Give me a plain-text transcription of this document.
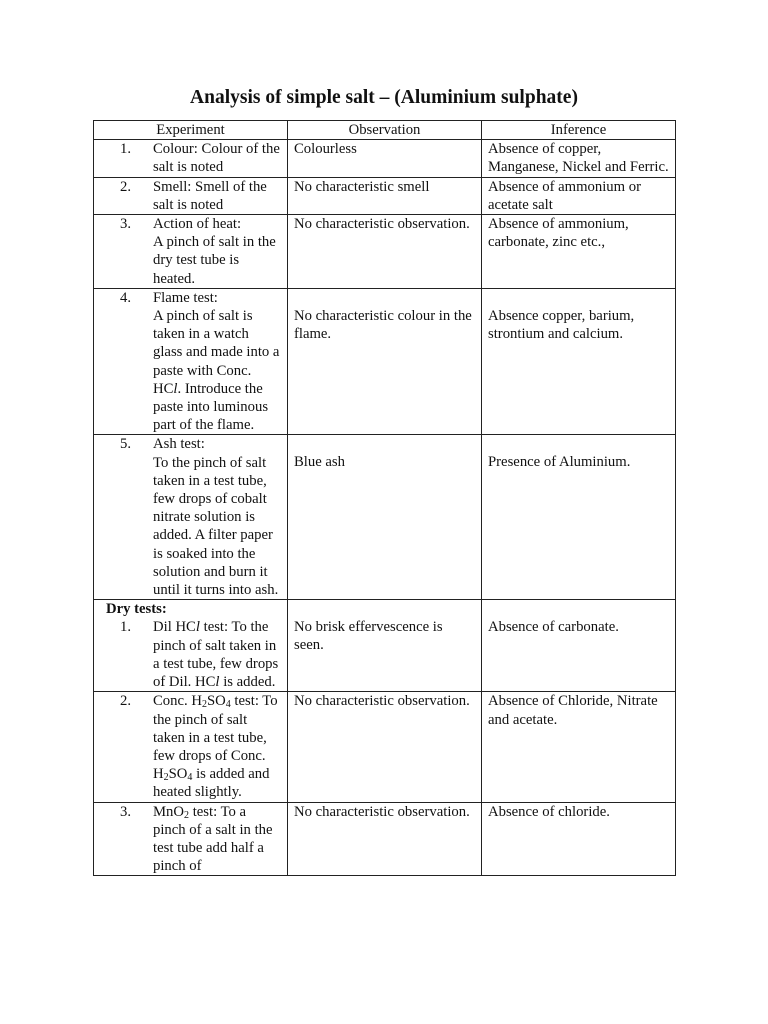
Analysis of simple salt – (Aluminium sulphate)
Experiment	Observation	Inference

1. Colour: Colour of the salt is noted	Colourless	Absence of copper, Manganese, Nickel and Ferric.

2. Smell: Smell of the salt is noted	No characteristic smell	Absence of ammonium or acetate salt

3. Action of heat:
A pinch of salt in the dry test tube is heated.	No characteristic observation.	Absence of ammonium, carbonate, zinc etc.,

4. Flame test:
A pinch of salt is taken in a watch glass and made into a paste with Conc. HCl. Introduce the paste into luminous part of the flame.	No characteristic colour in the flame.	Absence copper, barium, strontium and calcium.

5. Ash test:
To the pinch of salt taken in a test tube, few drops of cobalt nitrate solution is added. A filter paper is soaked into the solution and burn it until it turns into ash.	Blue ash	Presence of Aluminium.

Dry tests:
1. Dil HCl test: To the pinch of salt taken in a test tube, few drops of Dil. HCl is added.	No brisk effervescence is seen.	Absence of carbonate.

2. Conc. $H_2SO_4$ test: To the pinch of salt taken in a test tube, few drops of Conc. $H_2SO_4$ is added and heated slightly.	No characteristic observation.	Absence of Chloride, Nitrate and acetate.

3. MnO$_2$ test: To a pinch of a salt in the test tube add half a pinch of	No characteristic observation.	Absence of chloride.
